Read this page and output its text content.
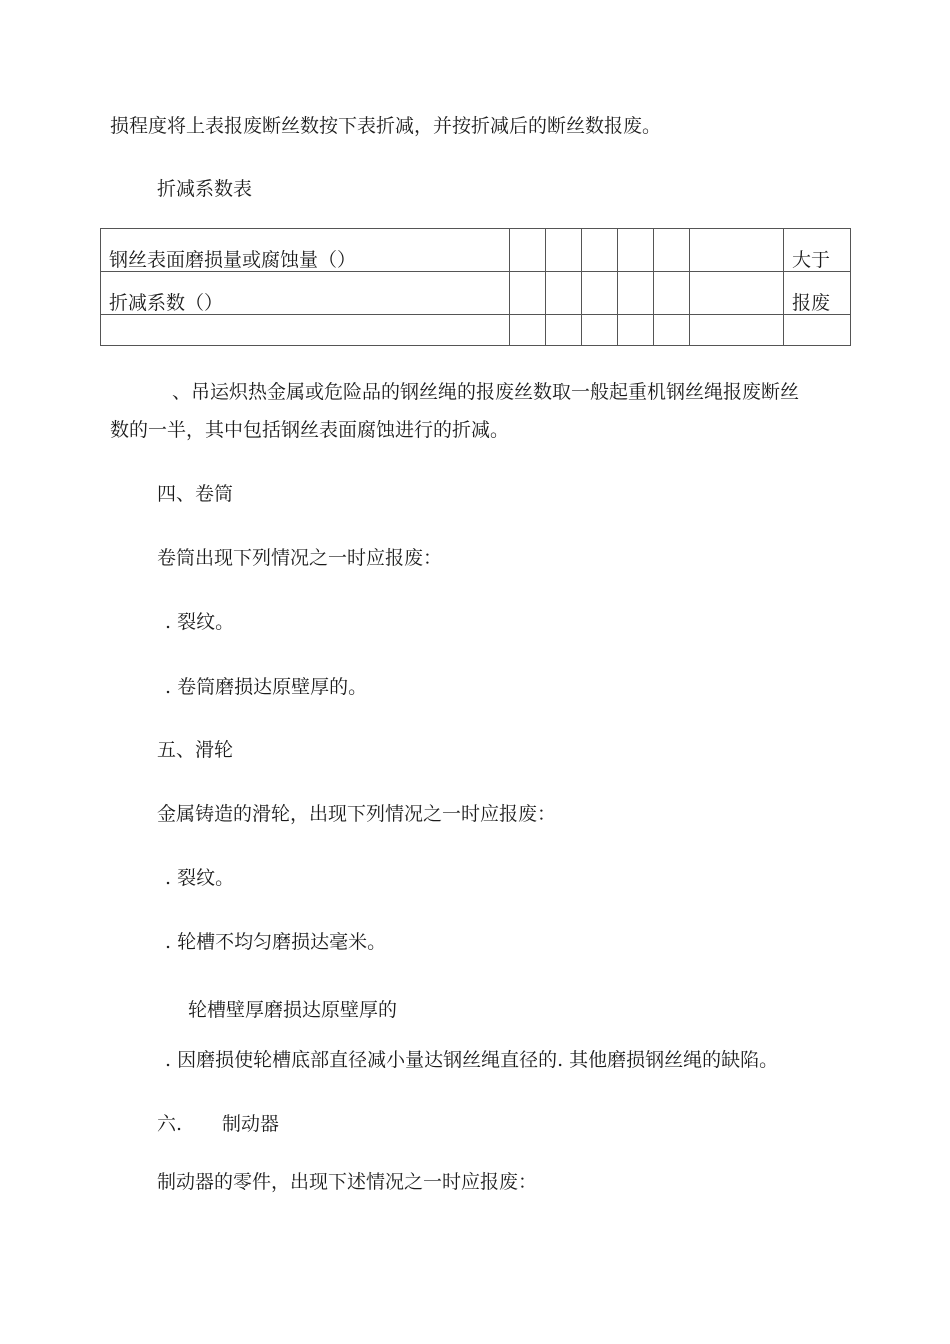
损程度将上表报废断丝数按下表折减，并按折减后的断丝数报废。
折减系数表
钢丝表面磨损量或腐蚀量（）							大于
折减系数（）							报废

、吊运炽热金属或危险品的钢丝绳的报废丝数取一般起重机钢丝绳报废断丝
数的一半，其中包括钢丝表面腐蚀进行的折减。
四、卷筒
卷筒出现下列情况之一时应报废：
. 裂纹。
. 卷筒磨损达原壁厚的。
五、滑轮
金属铸造的滑轮，出现下列情况之一时应报废：
. 裂纹。
. 轮槽不均匀磨损达毫米。
轮槽壁厚磨损达原壁厚的
. 因磨损使轮槽底部直径减小量达钢丝绳直径的. 其他磨损钢丝绳的缺陷。
六. 制动器
制动器的零件，出现下述情况之一时应报废：
